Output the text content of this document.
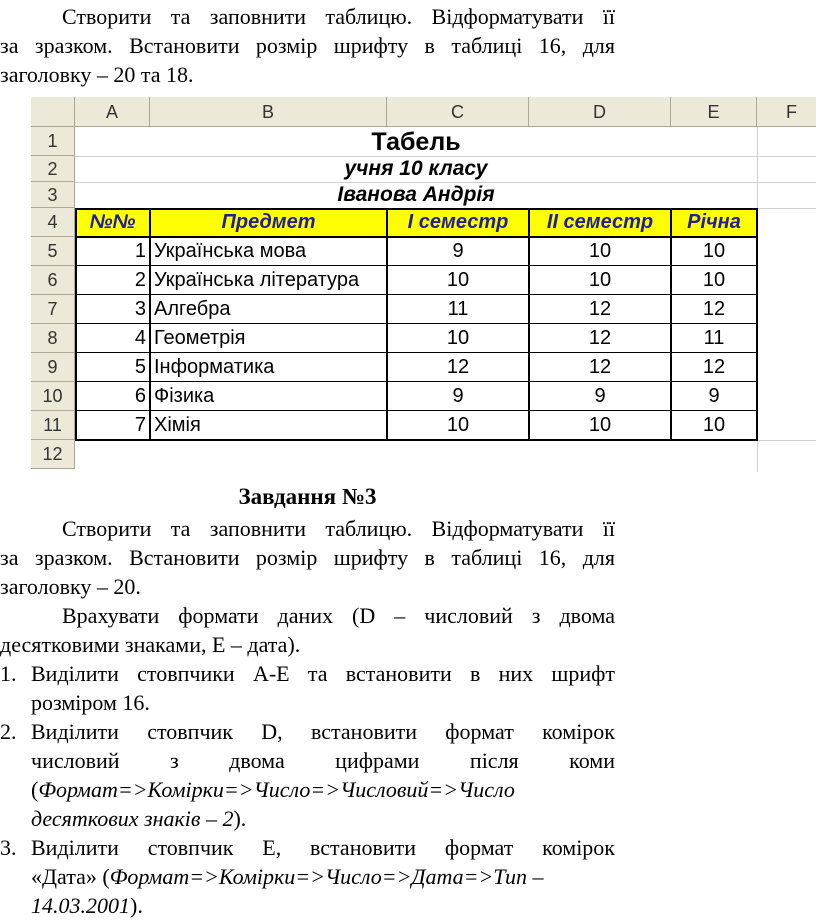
Створити та заповнити таблицю. Відформатувати її
за зразком. Встановити розмір шрифту в таблиці 16, для
заголовку – 20 та 18.
A	B	C	D	E	F
1
2
3
4
5
6
7
8
9
10
11
12
Табель
учня 10 класу
Іванова Андрія
№№	Предмет	І семестр	ІІ семестр	Річна
1 Українська мова	9	10	10
2 Українська література	10	10	10
3 Алгебра	11	12	12
4 Геометрія	10	12	11
5 Інформатика	12	12	12
6 Фізика	9	9	9
7 Хімія	10	10	10
Завдання №3
Створити та заповнити таблицю. Відформатувати її
за зразком. Встановити розмір шрифту в таблиці 16, для
заголовку – 20.
Врахувати формати даних (D – числовий з двома
десятковими знаками, E – дата).
1. Виділити стовпчики А-Е та встановити в них шрифт
розміром 16.
2. Виділити стовпчик D, встановити формат комірок
числовий з двома цифрами після коми
(Формат=>Комірки=>Число=>Числовий=>Число
десяткових знаків – 2).
3. Виділити стовпчик Е, встановити формат комірок
«Дата» (Формат=>Комірки=>Число=>Дата=>Тип –
14.03.2001).
